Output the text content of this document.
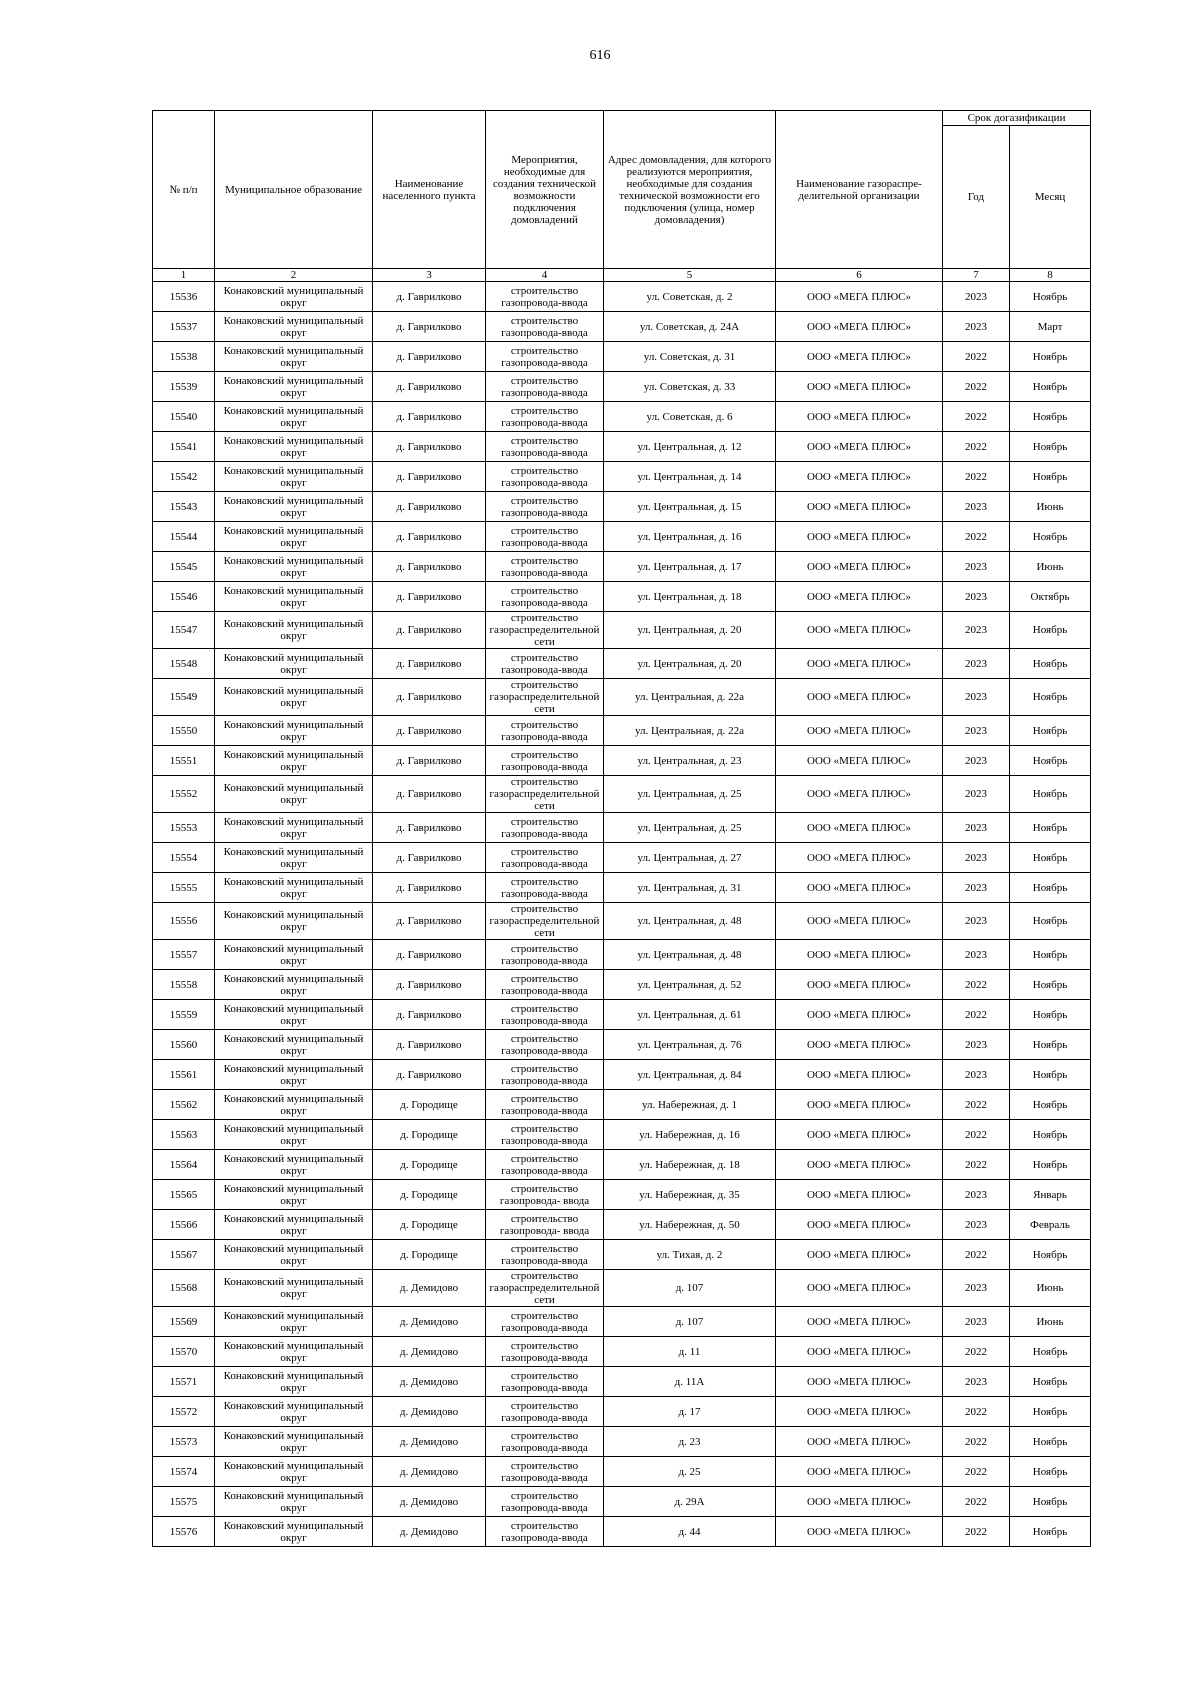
616
№ п/п	Муниципальное образование	Наименование населенного пункта	Мероприятия, необходимые для создания технической возможности подключения домовладений	Адрес домовладения, для которого реализуются мероприятия, необходимые для создания технической возможности его подключения (улица, номер домовладения)	Наименование газораспре-делительной организации	Срок догазификации	
						Год	Месяц
1	2	3	4	5	6	7	8
15536	Конаковский муниципальный округ	д. Гаврилково	строительство газопровода-ввода	ул. Советская, д. 2	ООО «МЕГА ПЛЮС»	2023	Ноябрь
15537	Конаковский муниципальный округ	д. Гаврилково	строительство газопровода-ввода	ул. Советская, д. 24А	ООО «МЕГА ПЛЮС»	2023	Март
15538	Конаковский муниципальный округ	д. Гаврилково	строительство газопровода-ввода	ул. Советская, д. 31	ООО «МЕГА ПЛЮС»	2022	Ноябрь
15539	Конаковский муниципальный округ	д. Гаврилково	строительство газопровода-ввода	ул. Советская, д. 33	ООО «МЕГА ПЛЮС»	2022	Ноябрь
15540	Конаковский муниципальный округ	д. Гаврилково	строительство газопровода-ввода	ул. Советская, д. 6	ООО «МЕГА ПЛЮС»	2022	Ноябрь
15541	Конаковский муниципальный округ	д. Гаврилково	строительство газопровода-ввода	ул. Центральная, д. 12	ООО «МЕГА ПЛЮС»	2022	Ноябрь
15542	Конаковский муниципальный округ	д. Гаврилково	строительство газопровода-ввода	ул. Центральная, д. 14	ООО «МЕГА ПЛЮС»	2022	Ноябрь
15543	Конаковский муниципальный округ	д. Гаврилково	строительство газопровода-ввода	ул. Центральная, д. 15	ООО «МЕГА ПЛЮС»	2023	Июнь
15544	Конаковский муниципальный округ	д. Гаврилково	строительство газопровода-ввода	ул. Центральная, д. 16	ООО «МЕГА ПЛЮС»	2022	Ноябрь
15545	Конаковский муниципальный округ	д. Гаврилково	строительство газопровода-ввода	ул. Центральная, д. 17	ООО «МЕГА ПЛЮС»	2023	Июнь
15546	Конаковский муниципальный округ	д. Гаврилково	строительство газопровода-ввода	ул. Центральная, д. 18	ООО «МЕГА ПЛЮС»	2023	Октябрь
15547	Конаковский муниципальный округ	д. Гаврилково	строительство газораспределительной сети	ул. Центральная, д. 20	ООО «МЕГА ПЛЮС»	2023	Ноябрь
15548	Конаковский муниципальный округ	д. Гаврилково	строительство газопровода-ввода	ул. Центральная, д. 20	ООО «МЕГА ПЛЮС»	2023	Ноябрь
15549	Конаковский муниципальный округ	д. Гаврилково	строительство газораспределительной сети	ул. Центральная, д. 22а	ООО «МЕГА ПЛЮС»	2023	Ноябрь
15550	Конаковский муниципальный округ	д. Гаврилково	строительство газопровода-ввода	ул. Центральная, д. 22а	ООО «МЕГА ПЛЮС»	2023	Ноябрь
15551	Конаковский муниципальный округ	д. Гаврилково	строительство газопровода-ввода	ул. Центральная, д. 23	ООО «МЕГА ПЛЮС»	2023	Ноябрь
15552	Конаковский муниципальный округ	д. Гаврилково	строительство газораспределительной сети	ул. Центральная, д. 25	ООО «МЕГА ПЛЮС»	2023	Ноябрь
15553	Конаковский муниципальный округ	д. Гаврилково	строительство газопровода-ввода	ул. Центральная, д. 25	ООО «МЕГА ПЛЮС»	2023	Ноябрь
15554	Конаковский муниципальный округ	д. Гаврилково	строительство газопровода-ввода	ул. Центральная, д. 27	ООО «МЕГА ПЛЮС»	2023	Ноябрь
15555	Конаковский муниципальный округ	д. Гаврилково	строительство газопровода-ввода	ул. Центральная, д. 31	ООО «МЕГА ПЛЮС»	2023	Ноябрь
15556	Конаковский муниципальный округ	д. Гаврилково	строительство газораспределительной сети	ул. Центральная, д. 48	ООО «МЕГА ПЛЮС»	2023	Ноябрь
15557	Конаковский муниципальный округ	д. Гаврилково	строительство газопровода-ввода	ул. Центральная, д. 48	ООО «МЕГА ПЛЮС»	2023	Ноябрь
15558	Конаковский муниципальный округ	д. Гаврилково	строительство газопровода-ввода	ул. Центральная, д. 52	ООО «МЕГА ПЛЮС»	2022	Ноябрь
15559	Конаковский муниципальный округ	д. Гаврилково	строительство газопровода-ввода	ул. Центральная, д. 61	ООО «МЕГА ПЛЮС»	2022	Ноябрь
15560	Конаковский муниципальный округ	д. Гаврилково	строительство газопровода-ввода	ул. Центральная, д. 76	ООО «МЕГА ПЛЮС»	2023	Ноябрь
15561	Конаковский муниципальный округ	д. Гаврилково	строительство газопровода-ввода	ул. Центральная, д. 84	ООО «МЕГА ПЛЮС»	2023	Ноябрь
15562	Конаковский муниципальный округ	д. Городище	строительство газопровода-ввода	ул. Набережная, д. 1	ООО «МЕГА ПЛЮС»	2022	Ноябрь
15563	Конаковский муниципальный округ	д. Городище	строительство газопровода-ввода	ул. Набережная, д. 16	ООО «МЕГА ПЛЮС»	2022	Ноябрь
15564	Конаковский муниципальный округ	д. Городище	строительство газопровода-ввода	ул. Набережная, д. 18	ООО «МЕГА ПЛЮС»	2022	Ноябрь
15565	Конаковский муниципальный округ	д. Городище	строительство газопровода- ввода	ул. Набережная, д. 35	ООО «МЕГА ПЛЮС»	2023	Январь
15566	Конаковский муниципальный округ	д. Городище	строительство газопровода- ввода	ул. Набережная, д. 50	ООО «МЕГА ПЛЮС»	2023	Февраль
15567	Конаковский муниципальный округ	д. Городище	строительство газопровода-ввода	ул. Тихая, д. 2	ООО «МЕГА ПЛЮС»	2022	Ноябрь
15568	Конаковский муниципальный округ	д. Демидово	строительство газораспределительной сети	д. 107	ООО «МЕГА ПЛЮС»	2023	Июнь
15569	Конаковский муниципальный округ	д. Демидово	строительство газопровода-ввода	д. 107	ООО «МЕГА ПЛЮС»	2023	Июнь
15570	Конаковский муниципальный округ	д. Демидово	строительство газопровода-ввода	д. 11	ООО «МЕГА ПЛЮС»	2022	Ноябрь
15571	Конаковский муниципальный округ	д. Демидово	строительство газопровода-ввода	д. 11А	ООО «МЕГА ПЛЮС»	2023	Ноябрь
15572	Конаковский муниципальный округ	д. Демидово	строительство газопровода-ввода	д. 17	ООО «МЕГА ПЛЮС»	2022	Ноябрь
15573	Конаковский муниципальный округ	д. Демидово	строительство газопровода-ввода	д. 23	ООО «МЕГА ПЛЮС»	2022	Ноябрь
15574	Конаковский муниципальный округ	д. Демидово	строительство газопровода-ввода	д. 25	ООО «МЕГА ПЛЮС»	2022	Ноябрь
15575	Конаковский муниципальный округ	д. Демидово	строительство газопровода-ввода	д. 29А	ООО «МЕГА ПЛЮС»	2022	Ноябрь
15576	Конаковский муниципальный округ	д. Демидово	строительство газопровода-ввода	д. 44	ООО «МЕГА ПЛЮС»	2022	Ноябрь
